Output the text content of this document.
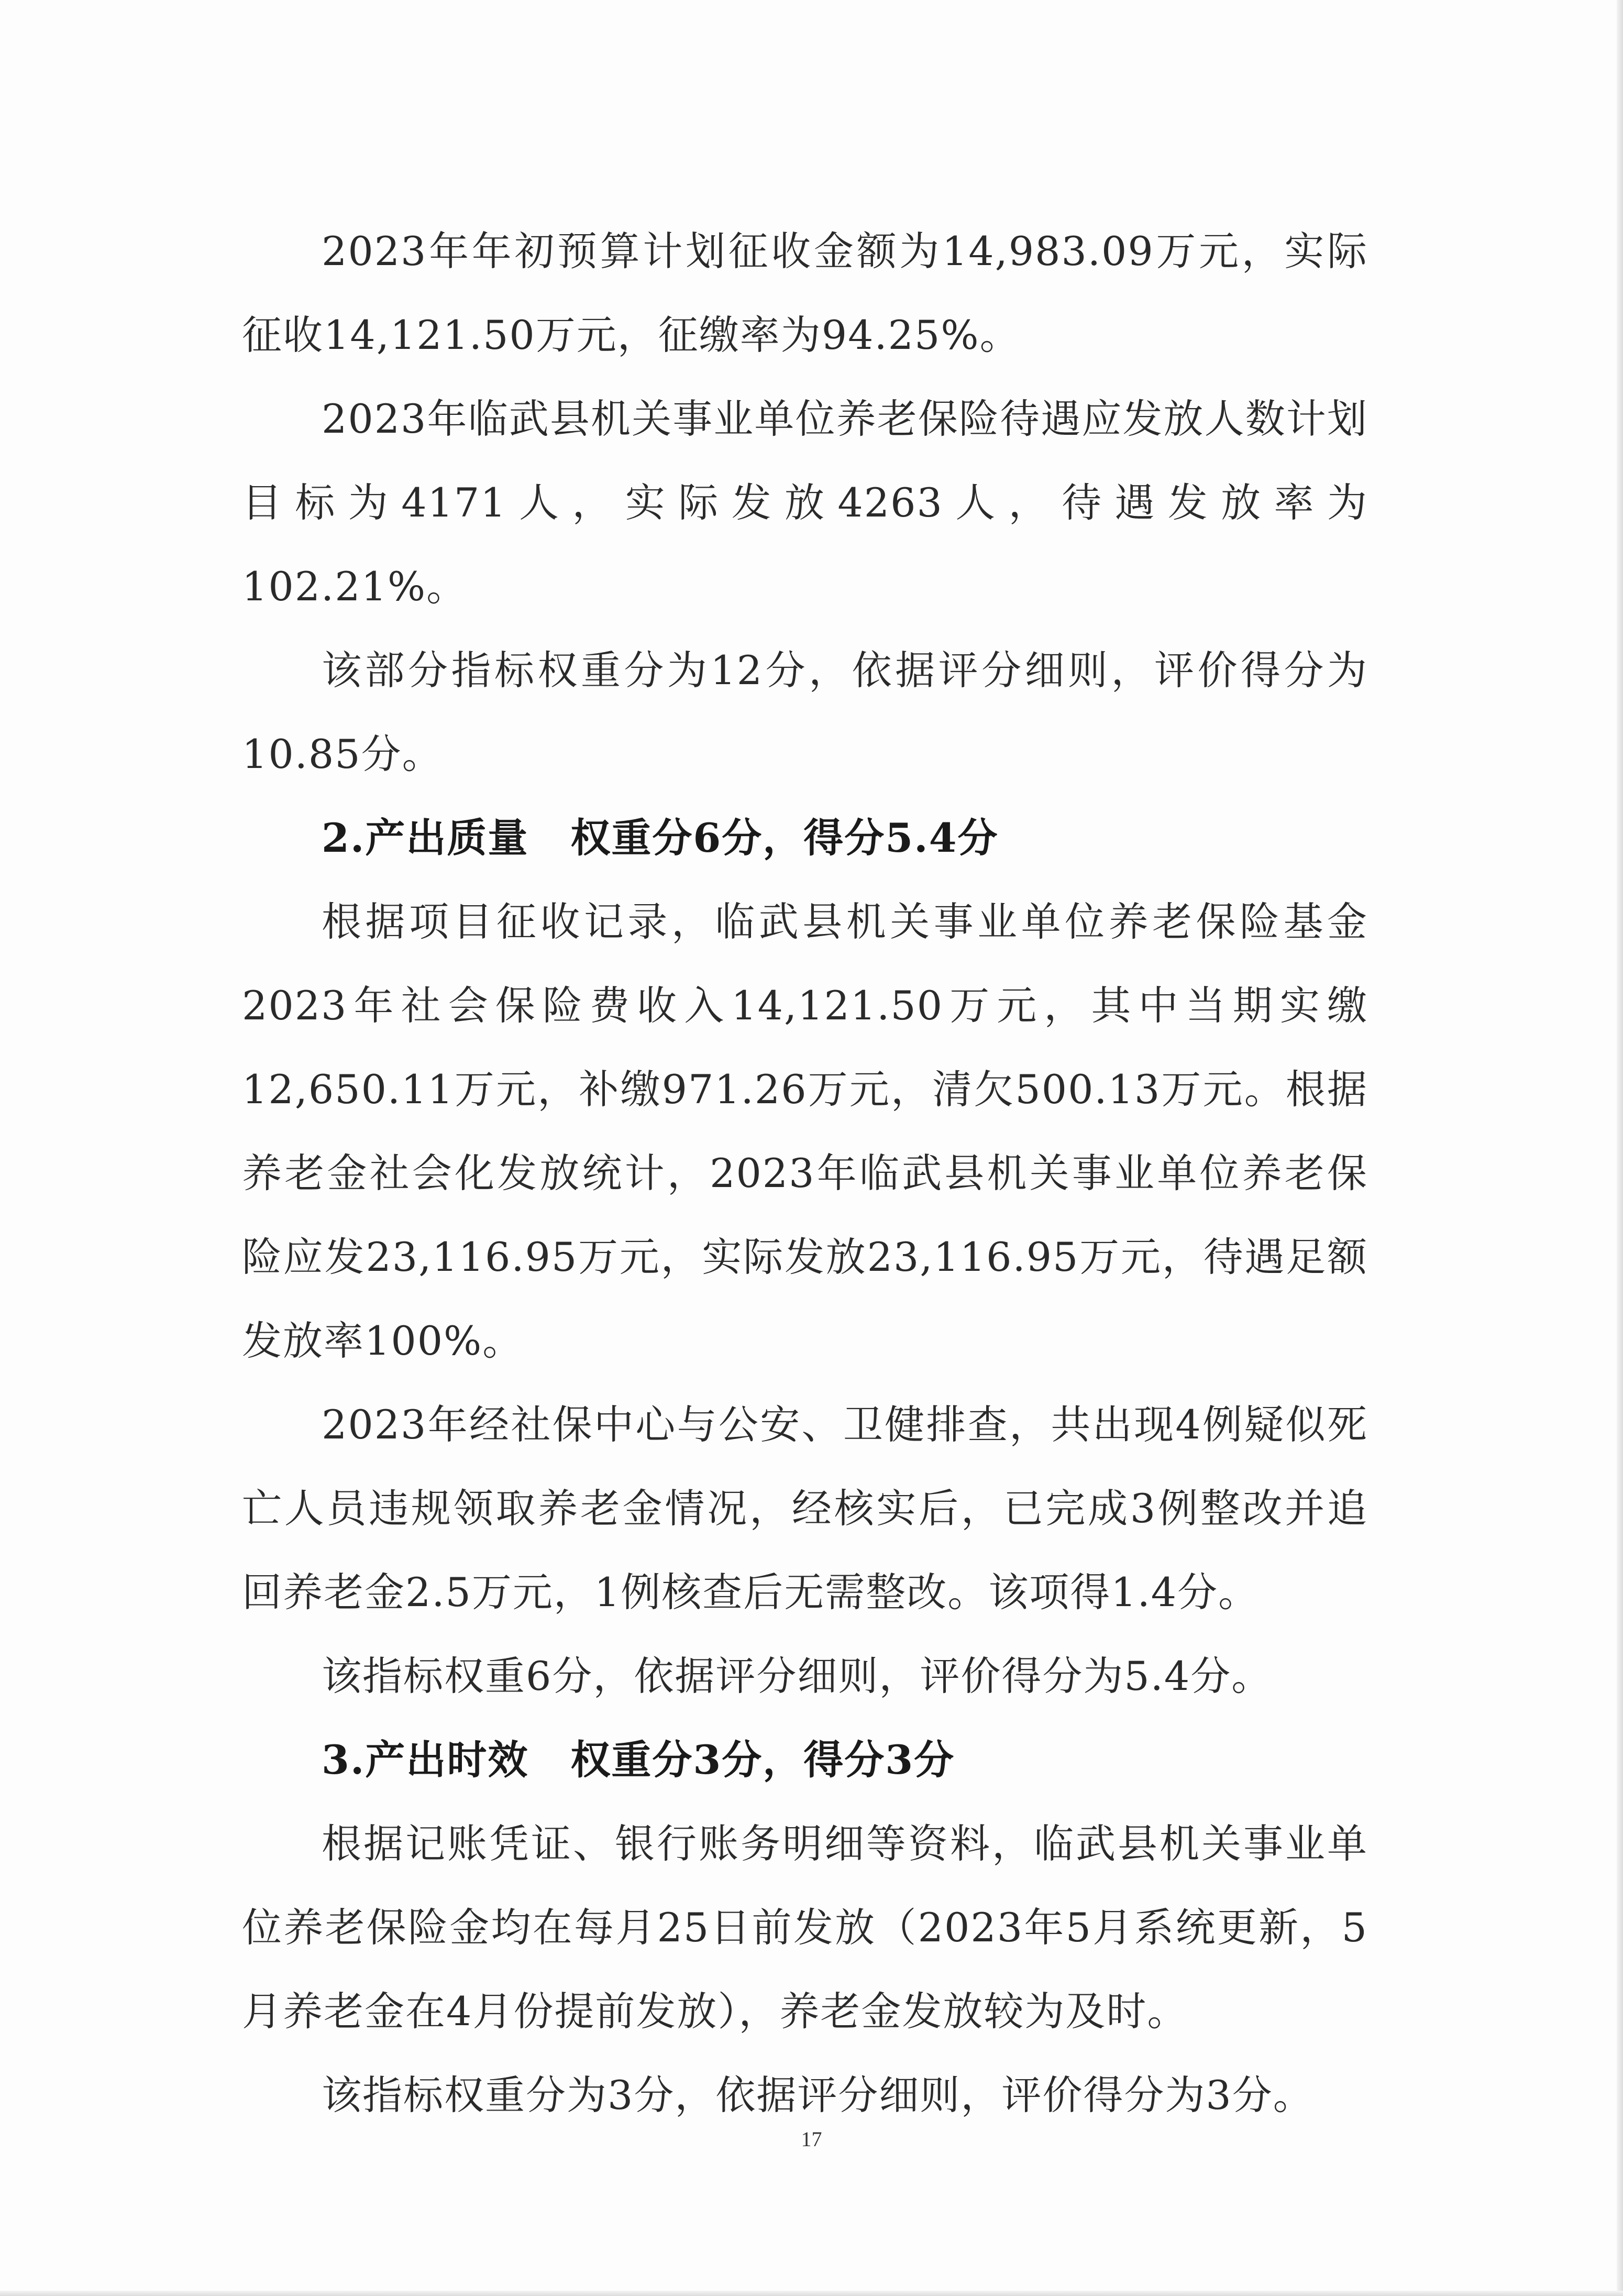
2023年年初预算计划征收金额为14,983.09万元，实际征收14,121.50万元，征缴率为94.25%。

2023年临武县机关事业单位养老保险待遇应发放人数计划目标为4171人，实际发放4263人，待遇发放率为102.21%。

该部分指标权重分为12分，依据评分细则，评价得分为10.85分。

2.产出质量 权重分6分，得分5.4分

根据项目征收记录，临武县机关事业单位养老保险基金2023年社会保险费收入14,121.50万元，其中当期实缴12,650.11万元，补缴971.26万元，清欠500.13万元。根据养老金社会化发放统计，2023年临武县机关事业单位养老保险应发23,116.95万元，实际发放23,116.95万元，待遇足额发放率100%。

2023年经社保中心与公安、卫健排查，共出现4例疑似死亡人员违规领取养老金情况，经核实后，已完成3例整改并追回养老金2.5万元，1例核查后无需整改。该项得1.4分。

该指标权重6分，依据评分细则，评价得分为5.4分。

3.产出时效 权重分3分，得分3分

根据记账凭证、银行账务明细等资料，临武县机关事业单位养老保险金均在每月25日前发放（2023年5月系统更新，5月养老金在4月份提前发放），养老金发放较为及时。

该指标权重分为3分，依据评分细则，评价得分为3分。

17
